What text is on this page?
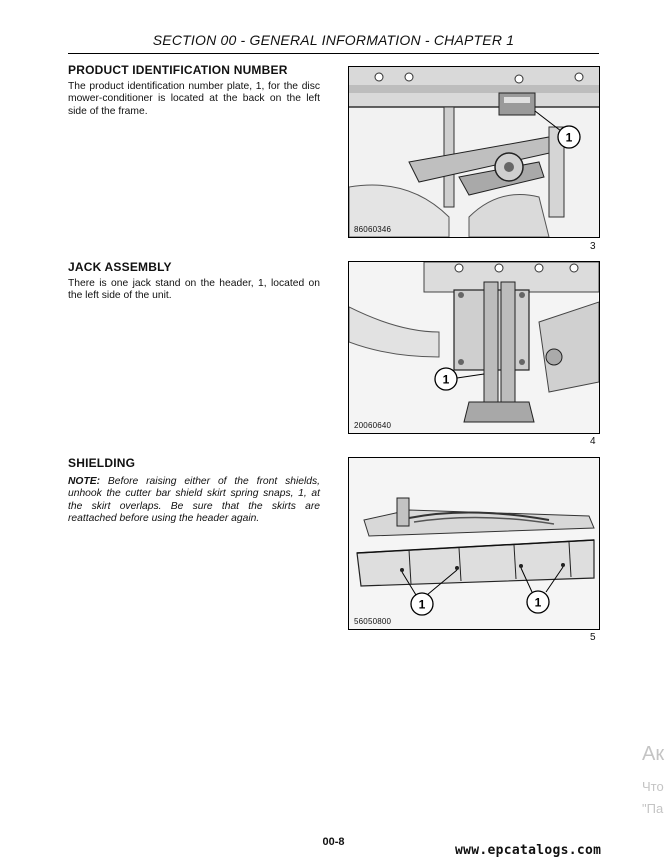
SECTION 00 - GENERAL INFORMATION - CHAPTER 1
PRODUCT IDENTIFICATION NUMBER
The product identification number plate, 1, for the disc mower-conditioner is located at the back on the left side of the frame.
1
86060346
3
JACK ASSEMBLY
There is one jack stand on the header, 1, located on the left side of the unit.
1
20060640
4
SHIELDING
NOTE: Before raising either of the front shields, unhook the cutter bar shield skirt spring snaps, 1, at the skirt overlaps. Be sure that the skirts are reattached before using the header again.
1	1
56050800
5
00-8
www.epcatalogs.com
Ак
Что
"Па
